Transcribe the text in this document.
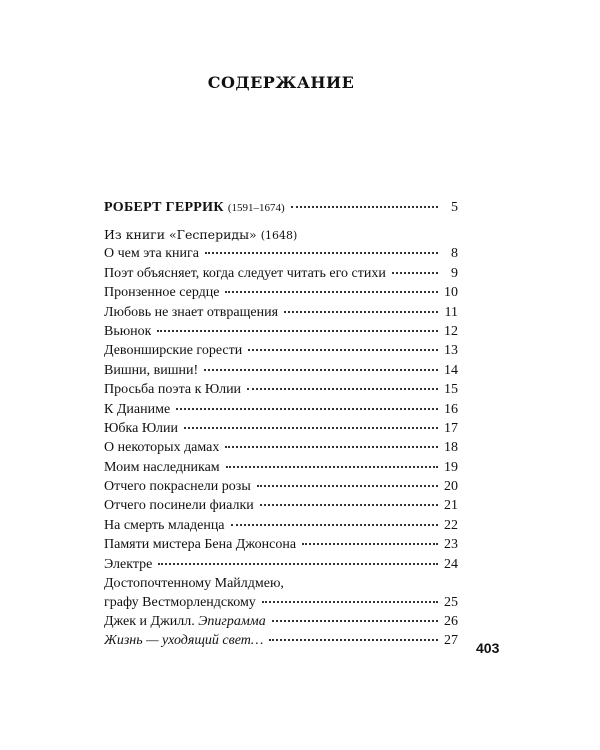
СОДЕРЖАНИЕ
РОБЕРТ ГЕРРИК (1591–1674)	5
Из книги «Геспериды» (1648)
О чем эта книга	8
Поэт объясняет, когда следует читать его стихи	9
Пронзенное сердце	10
Любовь не знает отвращения	11
Вьюнок	12
Девонширские горести	13
Вишни, вишни!	14
Просьба поэта к Юлии	15
К Дианиме	16
Юбка Юлии	17
О некоторых дамах	18
Моим наследникам	19
Отчего покраснели розы	20
Отчего посинели фиалки	21
На смерть младенца	22
Памяти мистера Бена Джонсона	23
Электре	24
Достопочтенному Майлдмею,
графу Вестморлендскому	25
Джек и Джилл. Эпиграмма	26
Жизнь — уходящий свет…	27 403
